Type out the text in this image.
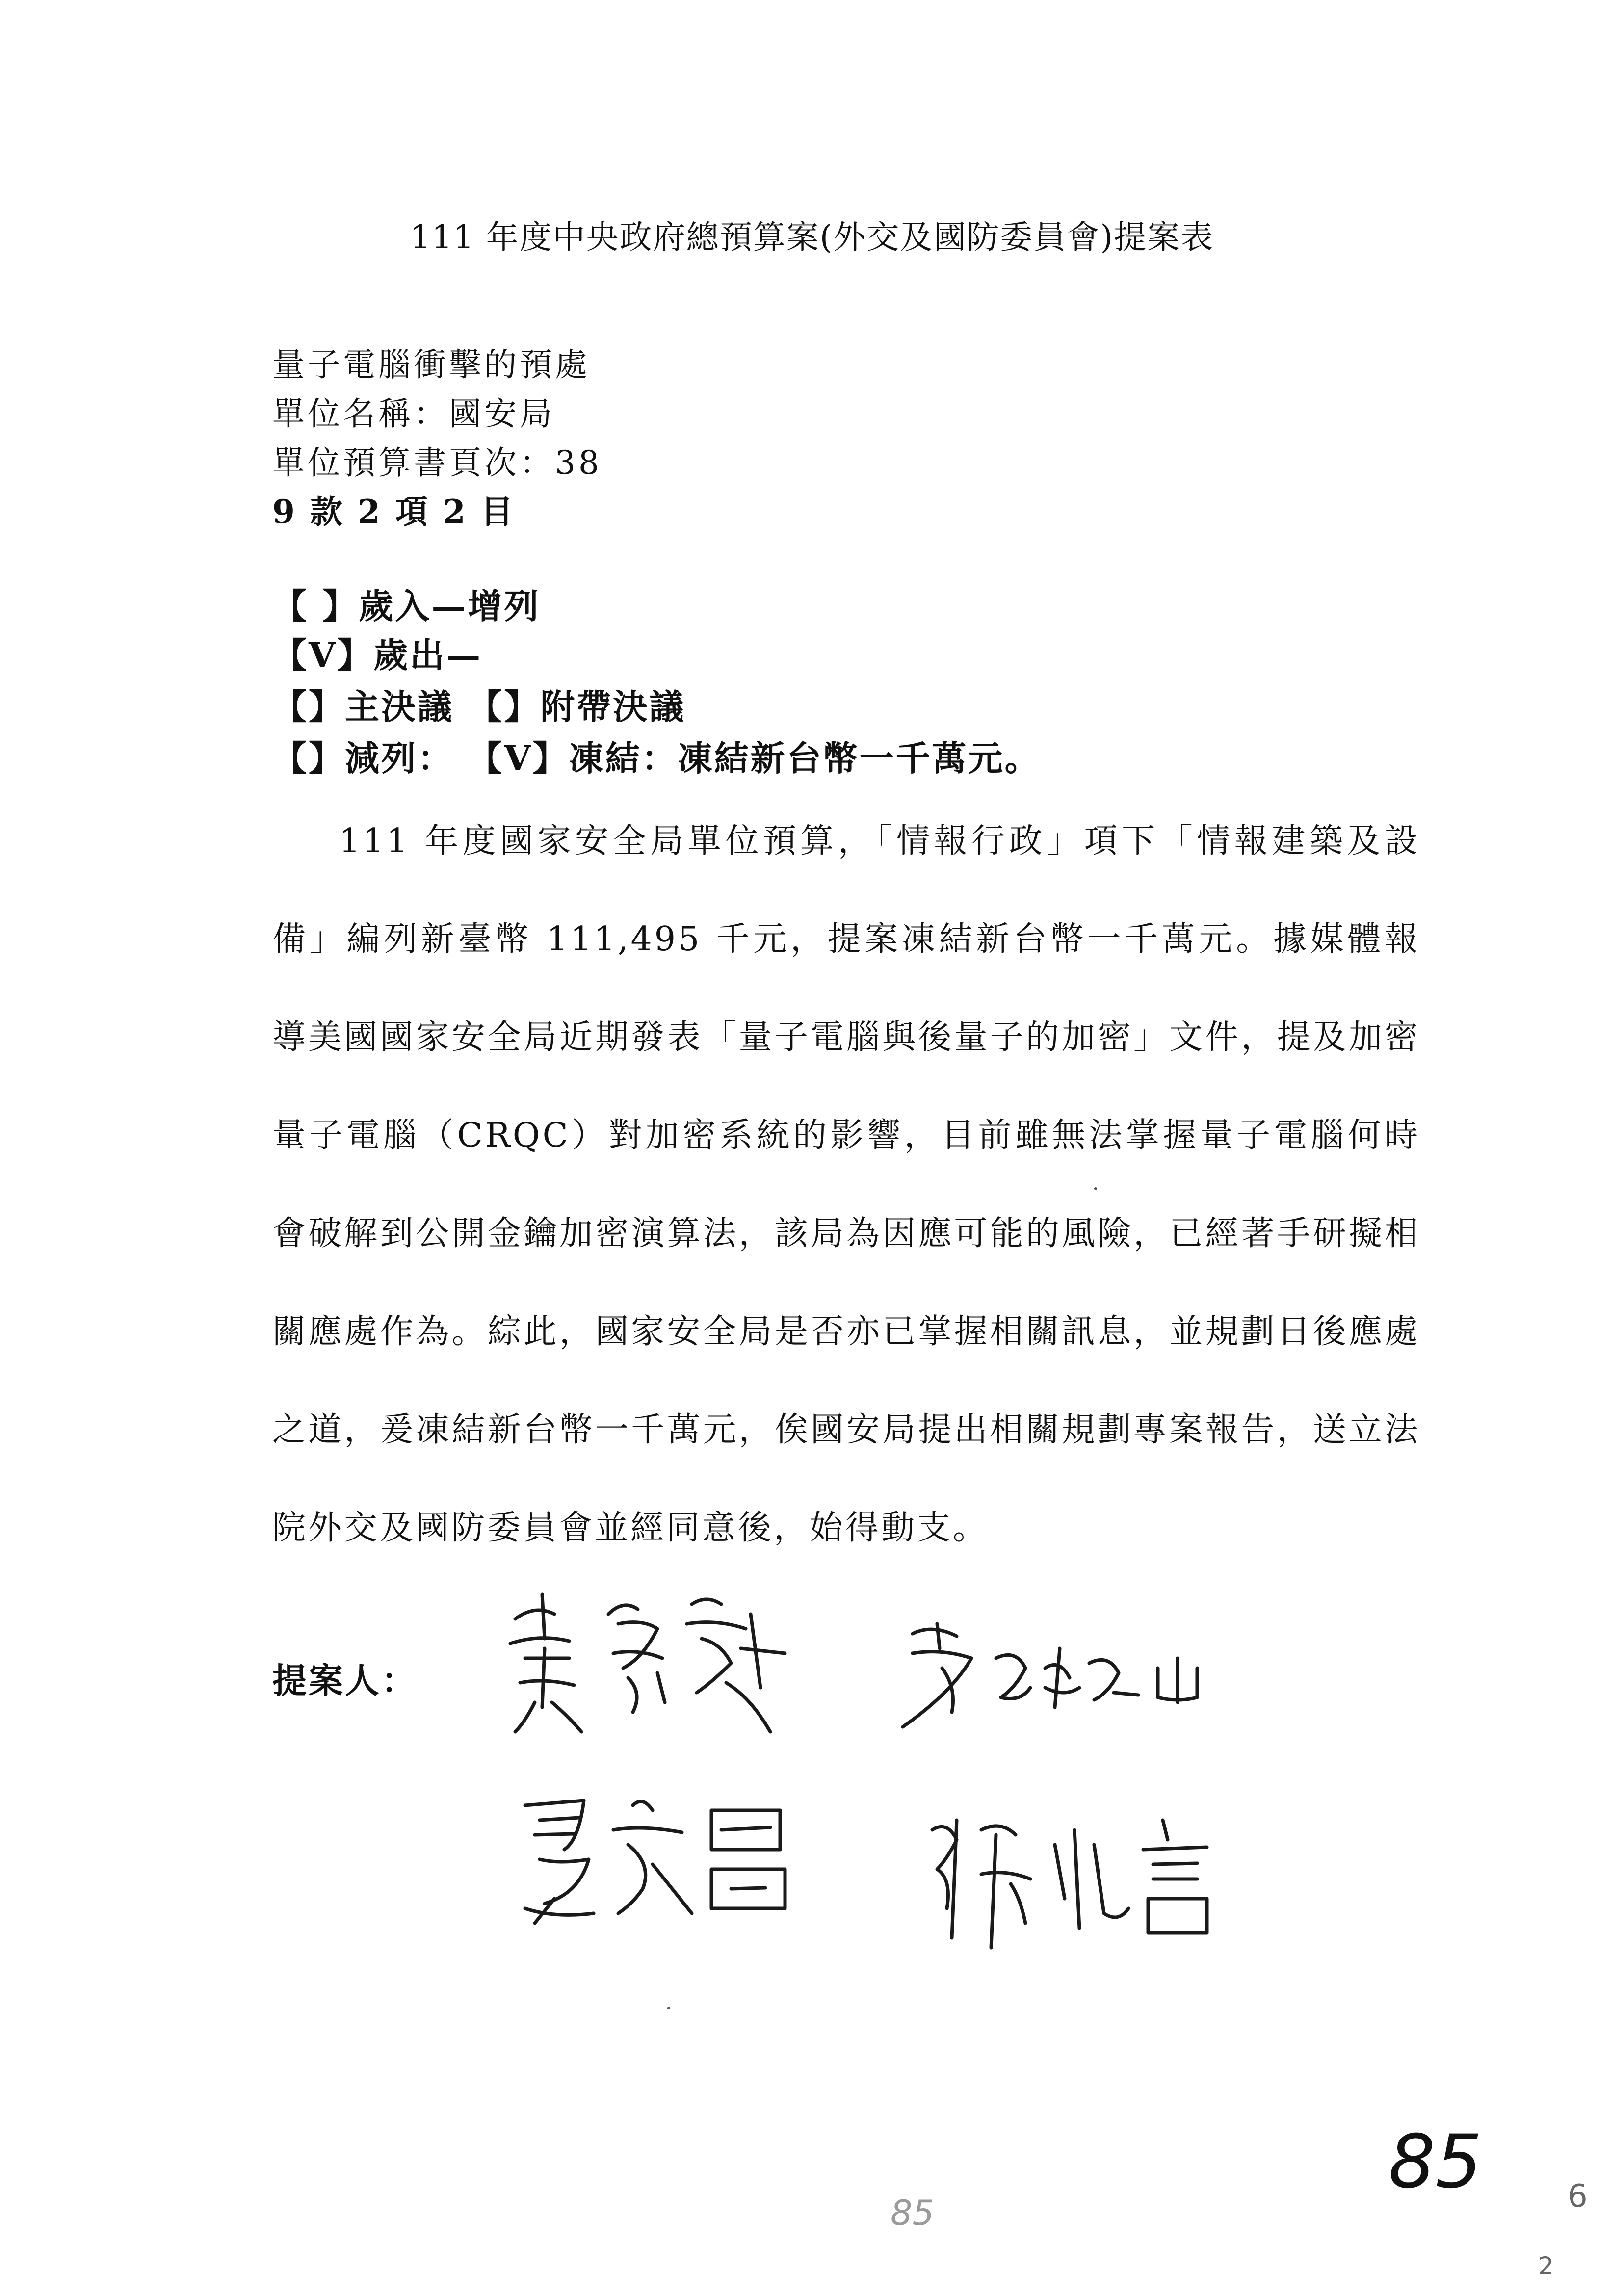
111 年度中央政府總預算案(外交及國防委員會)提案表
量子電腦衝擊的預處
單位名稱：國安局
單位預算書頁次：38
9 款 2 項 2 目
【 】歲入—增列
【V】歲出—
【】主決議 【】附帶決議
【】減列： 【V】凍結：凍結新台幣一千萬元。

111 年度國家安全局單位預算，「情報行政」項下「情報建築及設備」編列新臺幣 111,495 千元，提案凍結新台幣一千萬元。據媒體報導美國國家安全局近期發表「量子電腦與後量子的加密」文件，提及加密量子電腦（CRQC）對加密系統的影響，目前雖無法掌握量子電腦何時會破解到公開金鑰加密演算法，該局為因應可能的風險，已經著手研擬相關應處作為。綜此，國家安全局是否亦已掌握相關訊息，並規劃日後應處之道，爰凍結新台幣一千萬元，俟國安局提出相關規劃專案報告，送立法院外交及國防委員會並經同意後，始得動支。

提案人：
85
85	6
2
